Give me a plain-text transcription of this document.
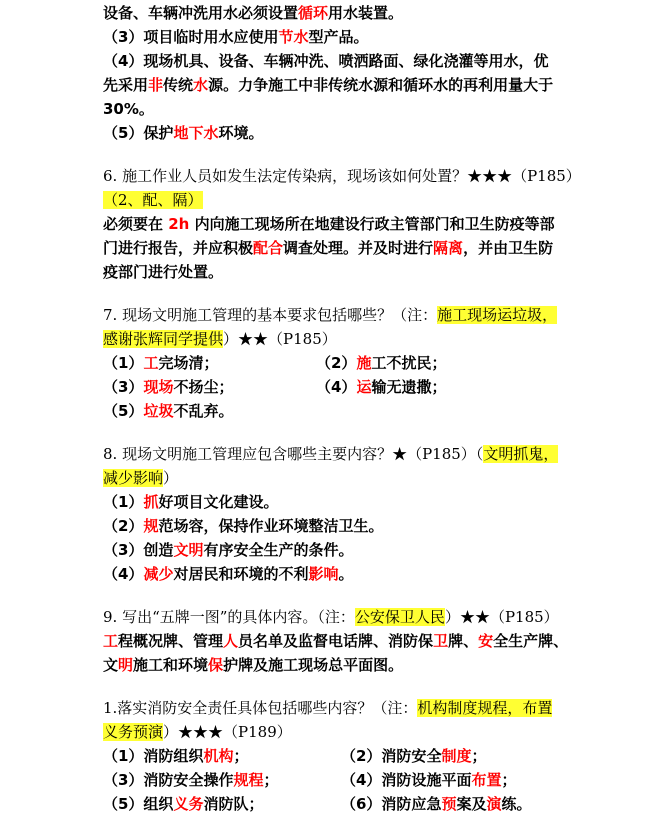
设备、车辆冲洗用水必须设置循环用水装置。
（3）项目临时用水应使用节水型产品。
（4）现场机具、设备、车辆冲洗、喷洒路面、绿化浇灌等用水，优
先采用非传统水源。力争施工中非传统水源和循环水的再利用量大于
30%。
（5）保护地下水环境。
6. 施工作业人员如发生法定传染病，现场该如何处置？★★★（P185）
（2、配、隔）
必须要在 2h 内向施工现场所在地建设行政主管部门和卫生防疫等部
门进行报告，并应积极配合调查处理。并及时进行隔离，并由卫生防
疫部门进行处置。
7. 现场文明施工管理的基本要求包括哪些？（注：施工现场运垃圾，
感谢张辉同学提供）★★（P185）
（1）工完场清；	（2）施工不扰民；
（3）现场不扬尘；	（4）运输无遗撒；
（5）垃圾不乱弃。
8. 现场文明施工管理应包含哪些主要内容？★（P185）（文明抓鬼，
减少影响）
（1）抓好项目文化建设。
（2）规范场容，保持作业环境整洁卫生。
（3）创造文明有序安全生产的条件。
（4）减少对居民和环境的不利影响。
9. 写出“五牌一图”的具体内容。（注：公安保卫人民）★★（P185）
工程概况牌、管理人员名单及监督电话牌、消防保卫牌、安全生产牌、
文明施工和环境保护牌及施工现场总平面图。
1.落实消防安全责任具体包括哪些内容？（注：机构制度规程，布置
义务预演）★★★（P189）
（1）消防组织机构；	（2）消防安全制度；
（3）消防安全操作规程；	（4）消防设施平面布置；
（5）组织义务消防队；	（6）消防应急预案及演练。
